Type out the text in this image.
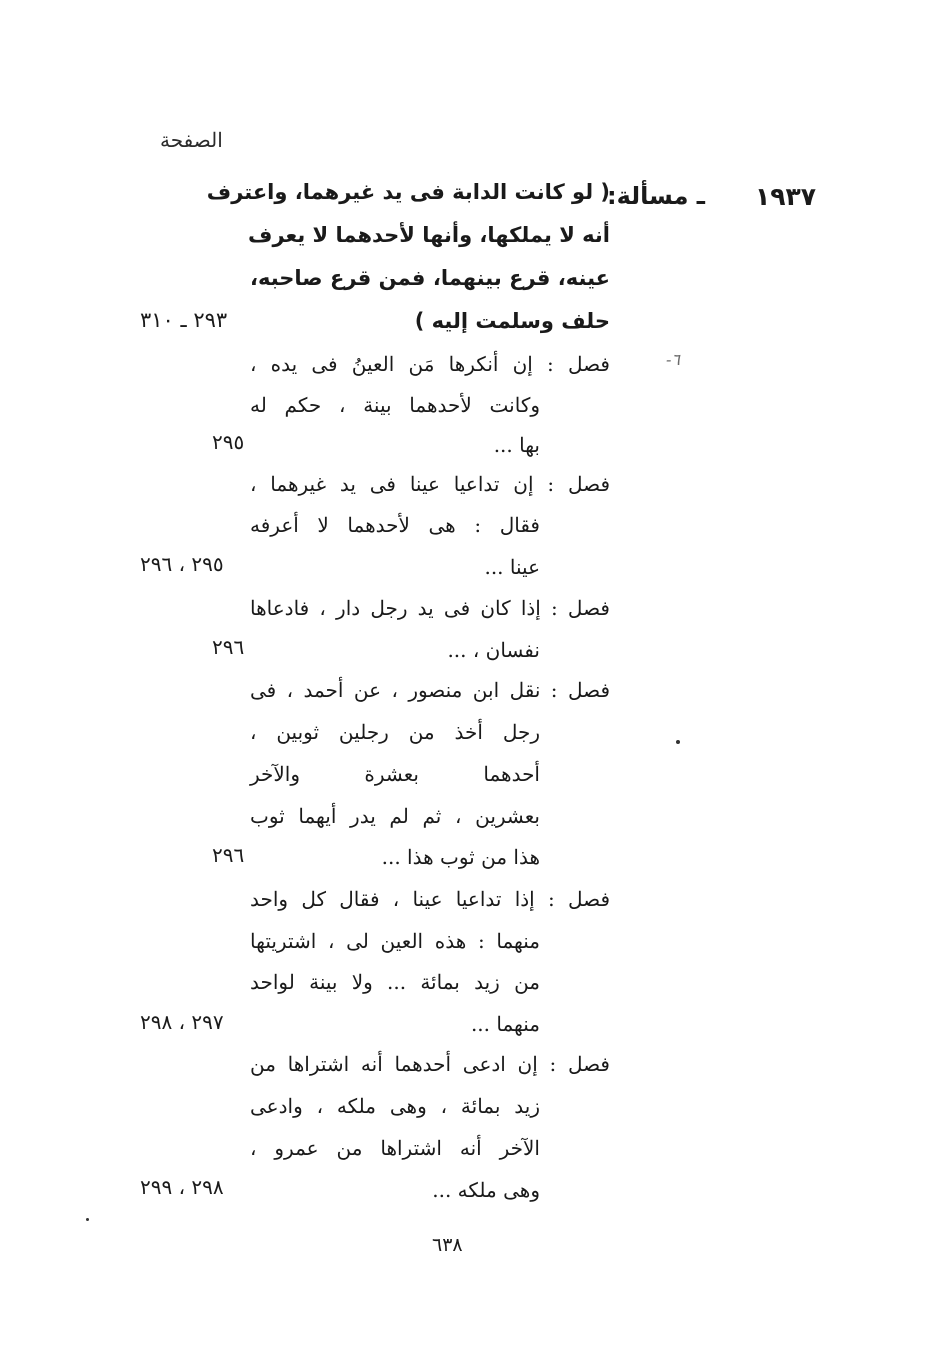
الصفحة
١٩٣٧
ـ مسألة:
( لو كانت الدابة فى يد غيرهما، واعترف
أنه لا يملكها، وأنها لأحدهما لا يعرف
عينه، قرع بينهما، فمن قرع صاحبه،
حلف وسلمت إليه )
٢٩٣ ـ ٣١٠
٦-
فصل : إن أنكرها مَن العينُ فى يده ،
وكانت لأحدهما بينة ، حكم له
بها ...
٢٩٥
فصل : إن تداعيا عينا فى يد غيرهما ،
فقال : هى لأحدهما لا أعرفه
عينا ...
٢٩٥ ، ٢٩٦
فصل : إذا كان فى يد رجل دار ، فادعاها
نفسان ، ...
٢٩٦
فصل : نقل ابن منصور ، عن أحمد ، فى
رجل أخذ من رجلين ثوبين ،
أحدهما بعشرة والآخر
بعشرين ، ثم لم يدر أيهما ثوب
هذا من ثوب هذا ...
٢٩٦
فصل : إذا تداعيا عينا ، فقال كل واحد
منهما : هذه العين لى ، اشتريتها
من زيد بمائة ... ولا بينة لواحد
منهما ...
٢٩٧ ، ٢٩٨
فصل : إن ادعى أحدهما أنه اشتراها من
زيد بمائة ، وهى ملكه ، وادعى
الآخر أنه اشتراها من عمرو ،
وهى ملكه ...
٢٩٨ ، ٢٩٩
٦٣٨
